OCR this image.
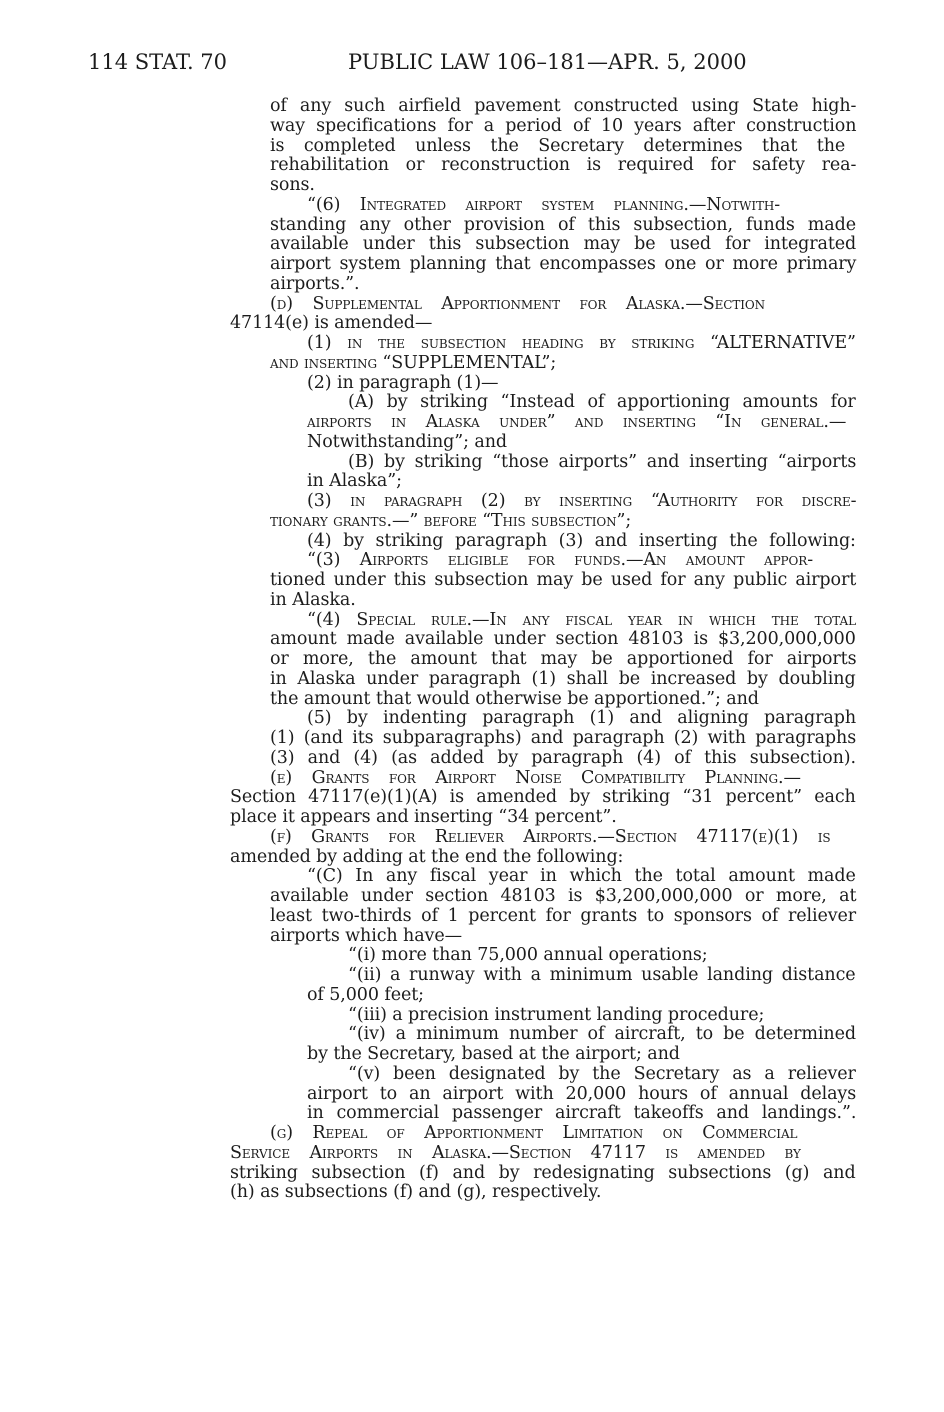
114 STAT. 70	PUBLIC LAW 106–181—APR. 5, 2000
of any such airfield pavement constructed using State high-
way specifications for a period of 10 years after construction
is completed unless the Secretary determines that the
rehabilitation or reconstruction is required for safety rea-
sons.
“(6) Integrated airport system planning.—Notwith-
standing any other provision of this subsection, funds made
available under this subsection may be used for integrated
airport system planning that encompasses one or more primary
airports.”.
(d) Supplemental Apportionment for Alaska.—Section
47114(e) is amended—
(1) in the subsection heading by striking “ALTERNATIVE”
and inserting “SUPPLEMENTAL”;
(2) in paragraph (1)—
(A) by striking “Instead of apportioning amounts for
airports in Alaska under” and inserting “In general.—
Notwithstanding”; and
(B) by striking “those airports” and inserting “airports
in Alaska”;
(3) in paragraph (2) by inserting “Authority for discre-
tionary grants.—” before “This subsection”;
(4) by striking paragraph (3) and inserting the following:
“(3) Airports eligible for funds.—An amount appor-
tioned under this subsection may be used for any public airport
in Alaska.
“(4) Special rule.—In any fiscal year in which the total
amount made available under section 48103 is $3,200,000,000
or more, the amount that may be apportioned for airports
in Alaska under paragraph (1) shall be increased by doubling
the amount that would otherwise be apportioned.”; and
(5) by indenting paragraph (1) and aligning paragraph
(1) (and its subparagraphs) and paragraph (2) with paragraphs
(3) and (4) (as added by paragraph (4) of this subsection).
(e) Grants for Airport Noise Compatibility Planning.—
Section 47117(e)(1)(A) is amended by striking “31 percent” each
place it appears and inserting “34 percent”.
(f) Grants for Reliever Airports.—Section 47117(e)(1) is
amended by adding at the end the following:
“(C) In any fiscal year in which the total amount made
available under section 48103 is $3,200,000,000 or more, at
least two-thirds of 1 percent for grants to sponsors of reliever
airports which have—
“(i) more than 75,000 annual operations;
“(ii) a runway with a minimum usable landing distance
of 5,000 feet;
“(iii) a precision instrument landing procedure;
“(iv) a minimum number of aircraft, to be determined
by the Secretary, based at the airport; and
“(v) been designated by the Secretary as a reliever
airport to an airport with 20,000 hours of annual delays
in commercial passenger aircraft takeoffs and landings.”.
(g) Repeal of Apportionment Limitation on Commercial
Service Airports in Alaska.—Section 47117 is amended by
striking subsection (f) and by redesignating subsections (g) and
(h) as subsections (f) and (g), respectively.
